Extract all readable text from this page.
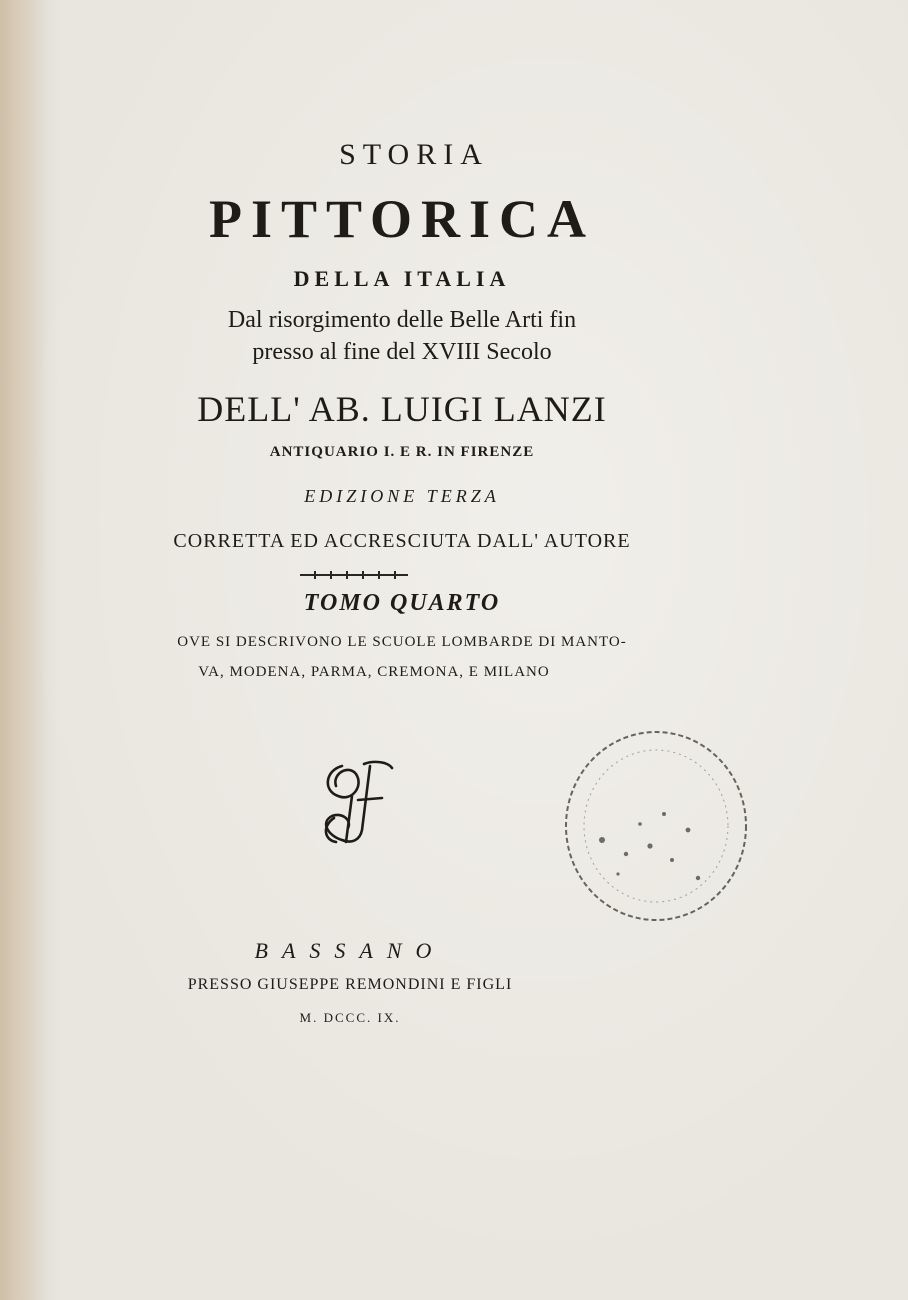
STORIA
PITTORICA
DELLA ITALIA
Dal risorgimento delle Belle Arti fin
presso al fine del XVIII Secolo
DELL' AB. LUIGI LANZI
ANTIQUARIO I. E R. IN FIRENZE
EDIZIONE TERZA
CORRETTA ED ACCRESCIUTA DALL' AUTORE
TOMO QUARTO
OVE SI DESCRIVONO LE SCUOLE LOMBARDE DI MANTO-
VA, MODENA, PARMA, CREMONA, E MILANO
BASSANO
PRESSO GIUSEPPE REMONDINI E FIGLI
M. DCCC. IX.
